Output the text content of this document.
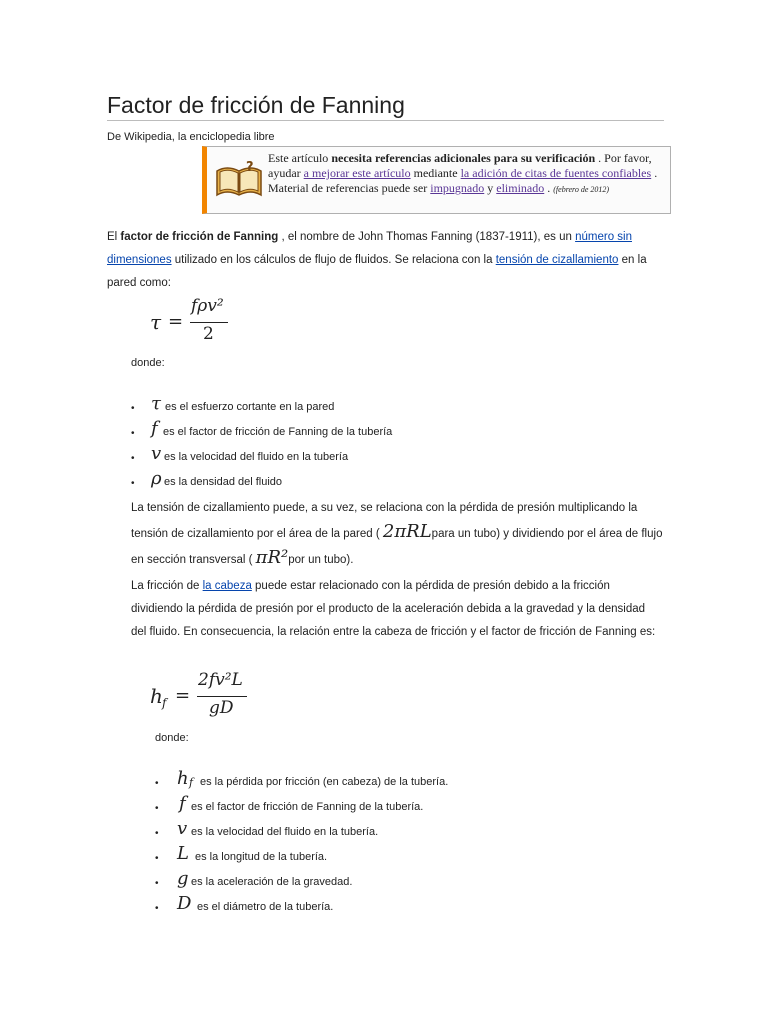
Factor de fricción de Fanning
De Wikipedia, la enciclopedia libre
?
Este artículo necesita referencias adicionales para su verificación . Por favor, ayudar a mejorar este artículo mediante la adición de citas de fuentes confiables . Material de referencias puede ser impugnado y eliminado . (febrero de 2012)

El factor de fricción de Fanning , el nombre de John Thomas Fanning (1837-1911), es un número sin dimensiones utilizado en los cálculos de flujo de fluidos. Se relaciona con la tensión de cizallamiento en la pared como:

τ =
fρv²
2
donde:
• τ es el esfuerzo cortante en la pared
• f es el factor de fricción de Fanning de la tubería
• v es la velocidad del fluido en la tubería
• ρ es la densidad del fluido

La tensión de cizallamiento puede, a su vez, se relaciona con la pérdida de presión multiplicando la tensión de cizallamiento por el área de la pared ( 2πRLpara un tubo) y dividiendo por el área de flujo en sección transversal ( πR²por un tubo).

La fricción de la cabeza puede estar relacionado con la pérdida de presión debido a la fricción dividiendo la pérdida de presión por el producto de la aceleración debida a la gravedad y la densidad del fluido. En consecuencia, la relación entre la cabeza de fricción y el factor de fricción de Fanning es:

h f =
2fv²L
gD
donde:
• h f es la pérdida por fricción (en cabeza) de la tubería.
• f es el factor de fricción de Fanning de la tubería.
• v es la velocidad del fluido en la tubería.
• L es la longitud de la tubería.
• g es la aceleración de la gravedad.
• D es el diámetro de la tubería.
